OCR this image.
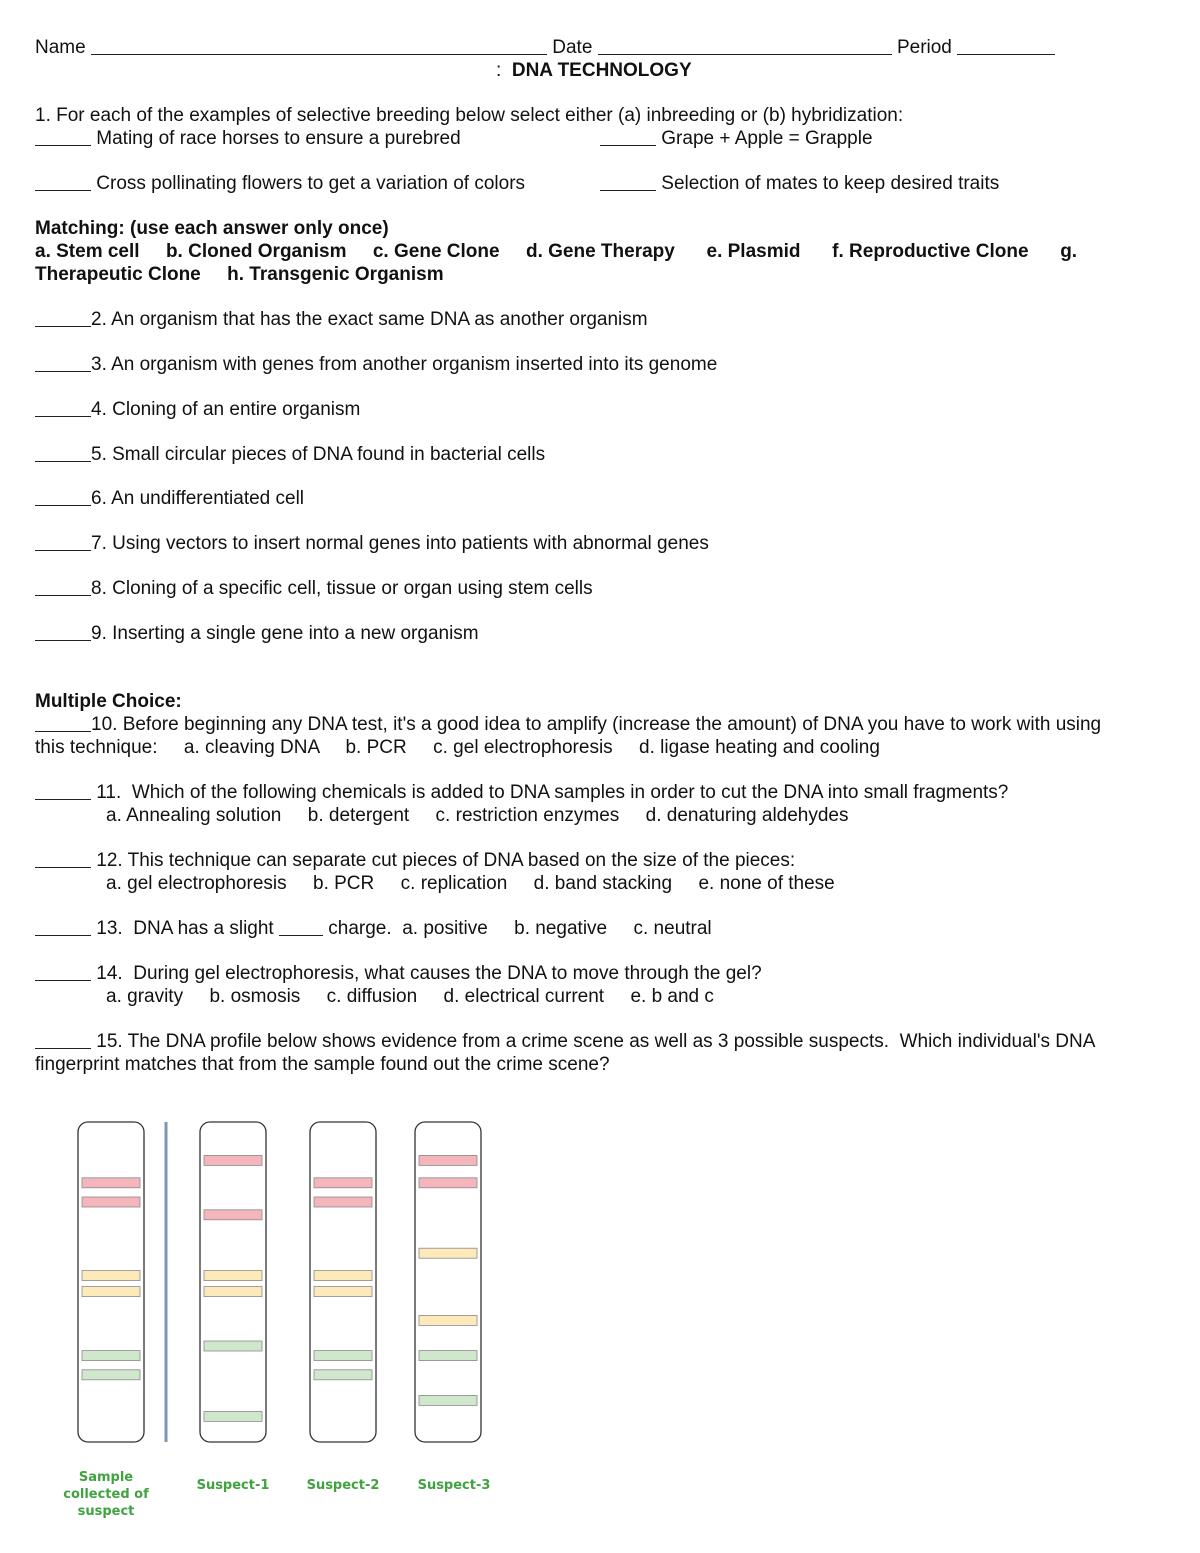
Name	Date	Period
: DNA TECHNOLOGY
1. For each of the examples of selective breeding below select either (a) inbreeding or (b) hybridization:
Mating of race horses to ensure a purebred	Grape + Apple = Grapple
Cross pollinating flowers to get a variation of colors	Selection of mates to keep desired traits
Matching: (use each answer only once)
a. Stem cell     b. Cloned Organism     c. Gene Clone     d. Gene Therapy      e. Plasmid      f. Reproductive Clone      g.
Therapeutic Clone     h. Transgenic Organism
2. An organism that has the exact same DNA as another organism
3. An organism with genes from another organism inserted into its genome
4. Cloning of an entire organism
5. Small circular pieces of DNA found in bacterial cells
6. An undifferentiated cell
7. Using vectors to insert normal genes into patients with abnormal genes
8. Cloning of a specific cell, tissue or organ using stem cells
9. Inserting a single gene into a new organism
Multiple Choice:
10. Before beginning any DNA test, it's a good idea to amplify (increase the amount) of DNA you have to work with using
this technique:     a. cleaving DNA     b. PCR     c. gel electrophoresis     d. ligase heating and cooling
11.  Which of the following chemicals is added to DNA samples in order to cut the DNA into small fragments?
a. Annealing solution     b. detergent     c. restriction enzymes     d. denaturing aldehydes
12. This technique can separate cut pieces of DNA based on the size of the pieces:
a. gel electrophoresis     b. PCR     c. replication     d. band stacking     e. none of these
13.  DNA has a slight  charge.  a. positive     b. negative     c. neutral
14.  During gel electrophoresis, what causes the DNA to move through the gel?
a. gravity     b. osmosis     c. diffusion     d. electrical current     e. b and c
15. The DNA profile below shows evidence from a crime scene as well as 3 possible suspects.  Which individual's DNA
fingerprint matches that from the sample found out the crime scene?
Sample collected of suspect
Suspect-1	Suspect-2	Suspect-3
